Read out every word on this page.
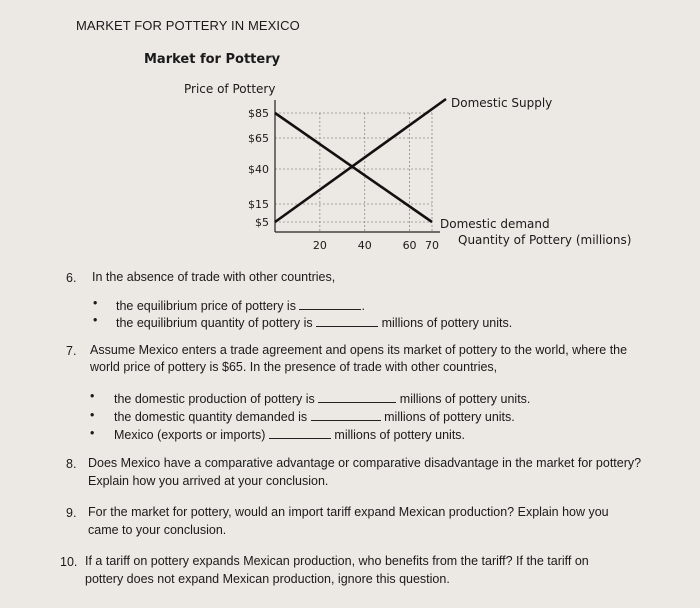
MARKET FOR POTTERY IN MEXICO
Market for Pottery
$85
$65
$40
$15
$5
20	40	60 70
Price of Pottery
Quantity of Pottery (millions)
Domestic Supply
Domestic demand
6. In the absence of trade with other countries,
• the equilibrium price of pottery is	.
• the equilibrium quantity of pottery is	millions of pottery units.
7. Assume Mexico enters a trade agreement and opens its market of pottery to the world, where the
world price of pottery is $65. In the presence of trade with other countries,
• the domestic production of pottery is	millions of pottery units.
• the domestic quantity demanded is	millions of pottery units.
• Mexico (exports or imports)	millions of pottery units.
8. Does Mexico have a comparative advantage or comparative disadvantage in the market for pottery?
Explain how you arrived at your conclusion.
9. For the market for pottery, would an import tariff expand Mexican production? Explain how you
came to your conclusion.
10. If a tariff on pottery expands Mexican production, who benefits from the tariff? If the tariff on
pottery does not expand Mexican production, ignore this question.
